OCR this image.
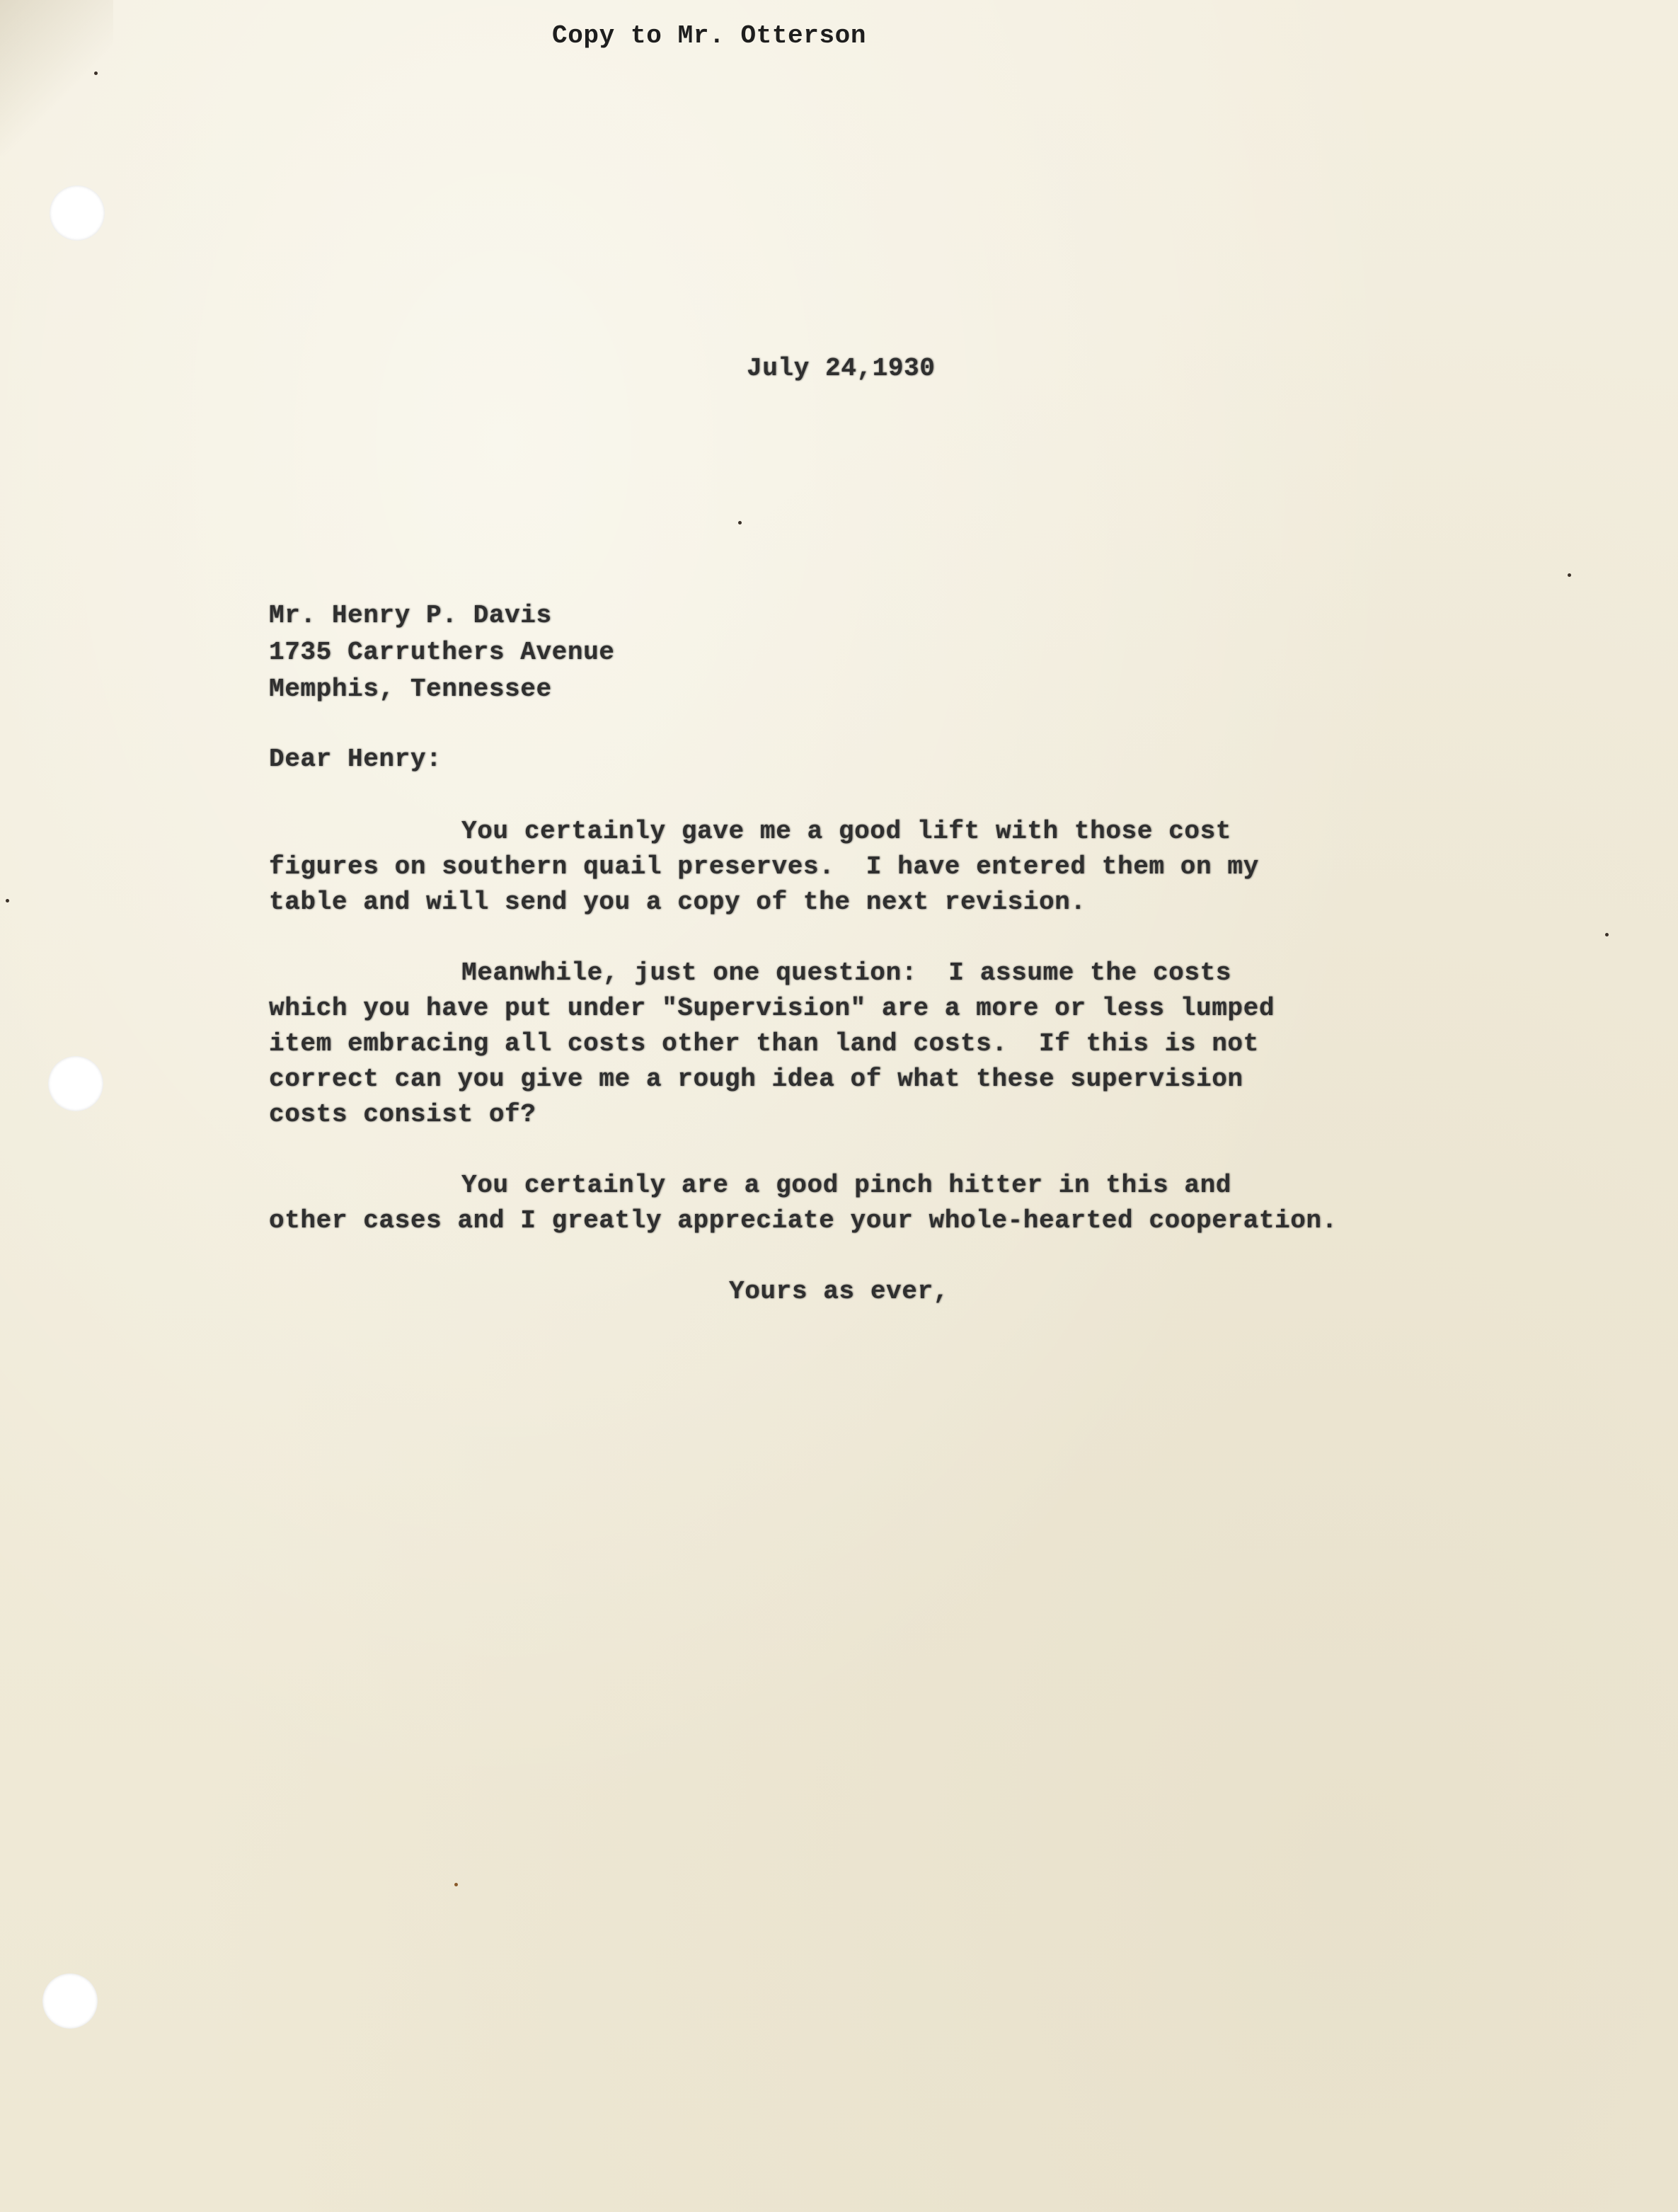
Copy to Mr. Otterson
July 24,1930
Mr. Henry P. Davis
1735 Carruthers Avenue
Memphis, Tennessee
Dear Henry:
You certainly gave me a good lift with those cost
figures on southern quail preserves.  I have entered them on my
table and will send you a copy of the next revision.
Meanwhile, just one question:  I assume the costs
which you have put under "Supervision" are a more or less lumped
item embracing all costs other than land costs.  If this is not
correct can you give me a rough idea of what these supervision
costs consist of?
You certainly are a good pinch hitter in this and
other cases and I greatly appreciate your whole-hearted cooperation.
Yours as ever,
